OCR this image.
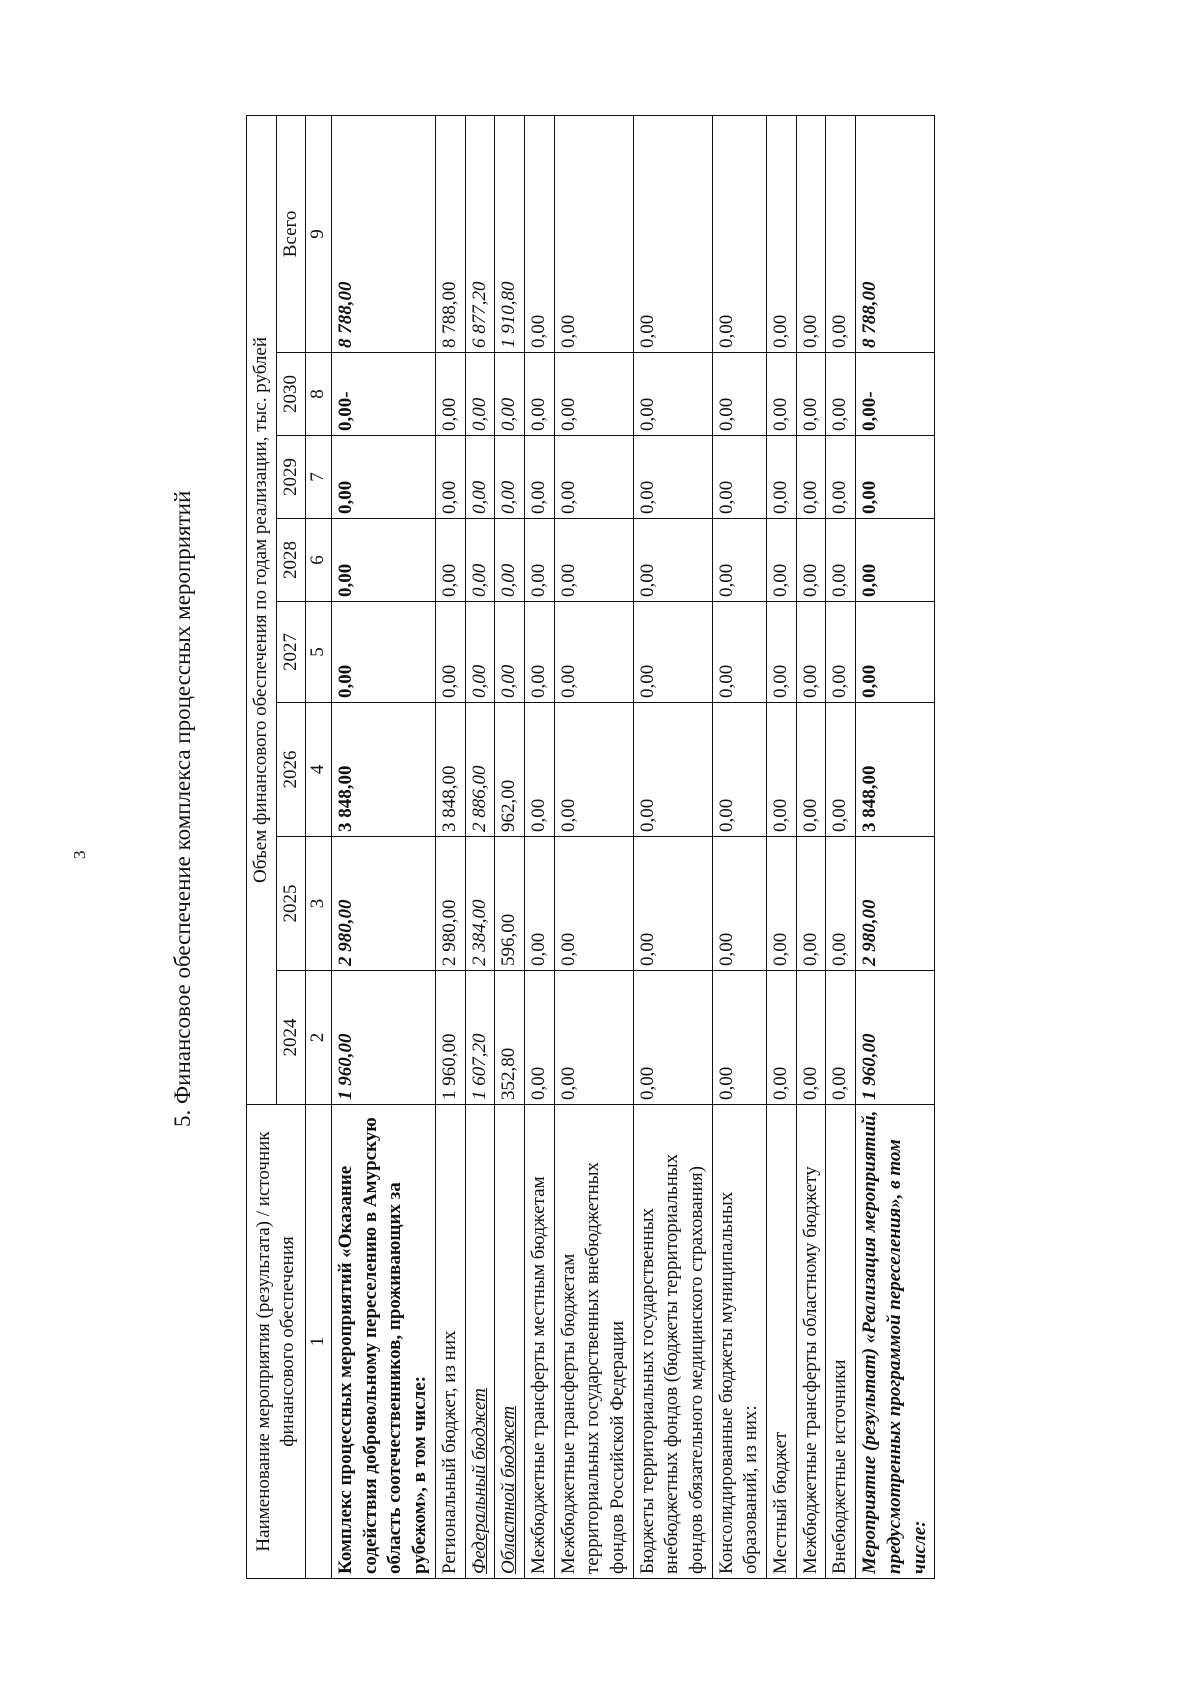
3	5. Финансовое обеспечение комплекса процессных мероприятий
Наименование мероприятия (результата) / источник финансового обеспечения	Объем финансового обеспечения по годам реализации, тыс. рублей							
	2024	2025	2026	2027	2028	2029	2030	Всего
1	2	3	4	5	6	7	8	9
Комплекс процессных мероприятий «Оказание содействия добровольному переселению в Амурскую область соотечественников, проживающих за рубежом», в том числе:	1 960,00	2 980,00	3 848,00	0,00	0,00	0,00	0,00-	8 788,00
Региональный бюджет, из них	1 960,00	2 980,00	3 848,00	0,00	0,00	0,00	0,00	8 788,00
Федеральный бюджет	1 607,20	2 384,00	2 886,00	0,00	0,00	0,00	0,00	6 877,20
Областной бюджет	352,80	596,00	962,00	0,00	0,00	0,00	0,00	1 910,80
Межбюджетные трансферты местным бюджетам	0,00	0,00	0,00	0,00	0,00	0,00	0,00	0,00
Межбюджетные трансферты бюджетам территориальных государственных внебюджетных фондов Российской Федерации	0,00	0,00	0,00	0,00	0,00	0,00	0,00	0,00
Бюджеты территориальных государственных внебюджетных фондов (бюджеты территориальных фондов обязательного медицинского страхования)	0,00	0,00	0,00	0,00	0,00	0,00	0,00	0,00
Консолидированные бюджеты муниципальных образований, из них:	0,00	0,00	0,00	0,00	0,00	0,00	0,00	0,00
Местный бюджет	0,00	0,00	0,00	0,00	0,00	0,00	0,00	0,00
Межбюджетные трансферты областному бюджету	0,00	0,00	0,00	0,00	0,00	0,00	0,00	0,00
Внебюджетные источники	0,00	0,00	0,00	0,00	0,00	0,00	0,00	0,00
Мероприятие (результат) «Реализация мероприятий, предусмотренных программой переселения», в том числе:	1 960,00	2 980,00	3 848,00	0,00	0,00	0,00	0,00-	8 788,00
